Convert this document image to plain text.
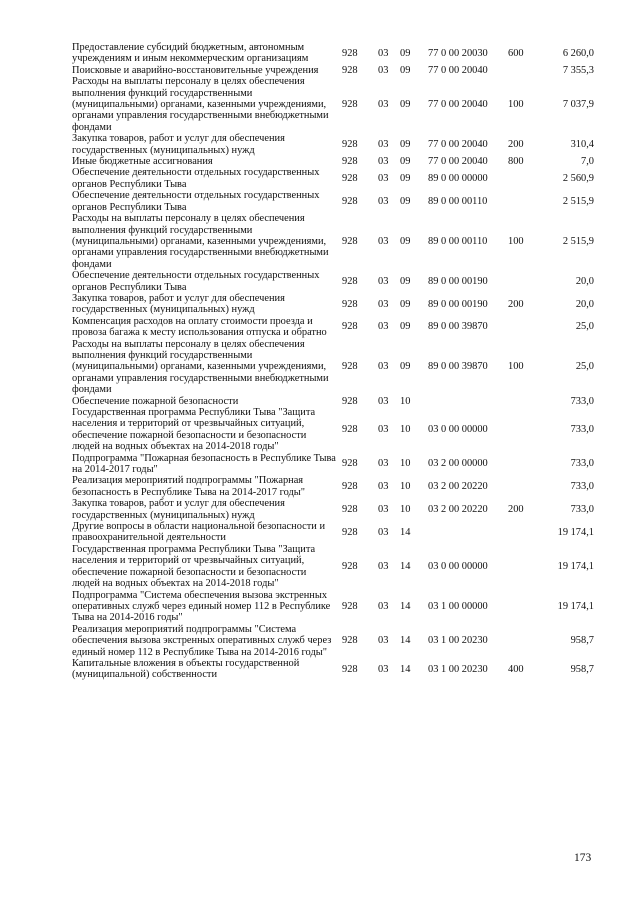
Предоставление субсидий бюджетным, автономным учреждениям и иным некоммерческим организациям	928	03	09	77 0 00 20030	600	6 260,0
Поисковые и аварийно-восстановительные учреждения	928	03	09	77 0 00 20040		7 355,3
Расходы на выплаты персоналу в целях обеспечения выполнения функций государственными (муниципальными) органами, казенными учреждениями, органами управления государственными внебюджетными фондами	928	03	09	77 0 00 20040	100	7 037,9
Закупка товаров, работ и услуг для обеспечения государственных (муниципальных) нужд	928	03	09	77 0 00 20040	200	310,4
Иные бюджетные ассигнования	928	03	09	77 0 00 20040	800	7,0
Обеспечение деятельности отдельных государственных органов Республики Тыва	928	03	09	89 0 00 00000		2 560,9
Обеспечение деятельности отдельных государственных органов Республики Тыва	928	03	09	89 0 00 00110		2 515,9
Расходы на выплаты персоналу в целях обеспечения выполнения функций государственными (муниципальными) органами, казенными учреждениями, органами управления государственными внебюджетными фондами	928	03	09	89 0 00 00110	100	2 515,9
Обеспечение деятельности отдельных государственных органов Республики Тыва	928	03	09	89 0 00 00190		20,0
Закупка товаров, работ и услуг для обеспечения государственных (муниципальных) нужд	928	03	09	89 0 00 00190	200	20,0
Компенсация расходов на оплату стоимости проезда и провоза багажа к месту использования отпуска и обратно	928	03	09	89 0 00 39870		25,0
Расходы на выплаты персоналу в целях обеспечения выполнения функций государственными (муниципальными) органами, казенными учреждениями, органами управления государственными внебюджетными фондами	928	03	09	89 0 00 39870	100	25,0
Обеспечение пожарной безопасности	928	03	10			733,0
Государственная программа Республики Тыва "Защита населения и территорий от чрезвычайных ситуаций, обеспечение пожарной безопасности и безопасности людей на водных объектах на 2014-2018 годы"	928	03	10	03 0 00 00000		733,0
Подпрограмма "Пожарная безопасность в Республике Тыва на 2014-2017 годы"	928	03	10	03 2 00 00000		733,0
Реализация мероприятий подпрограммы "Пожарная безопасность в Республике Тыва на 2014-2017 годы"	928	03	10	03 2 00 20220		733,0
Закупка товаров, работ и услуг для обеспечения государственных (муниципальных) нужд	928	03	10	03 2 00 20220	200	733,0
Другие вопросы в области национальной безопасности и правоохранительной деятельности	928	03	14			19 174,1
Государственная программа Республики Тыва "Защита населения и территорий от чрезвычайных ситуаций, обеспечение пожарной безопасности и безопасности людей на водных объектах на 2014-2018 годы"	928	03	14	03 0 00 00000		19 174,1
Подпрограмма "Система обеспечения вызова экстренных оперативных служб через единый номер 112 в Республике Тыва на 2014-2016 годы"	928	03	14	03 1 00 00000		19 174,1
Реализация мероприятий подпрограммы "Система обеспечения вызова экстренных оперативных служб через единый номер 112 в Республике Тыва на 2014-2016 годы"	928	03	14	03 1 00 20230		958,7
Капитальные вложения в объекты государственной (муниципальной) собственности	928	03	14	03 1 00 20230	400	958,7
173
